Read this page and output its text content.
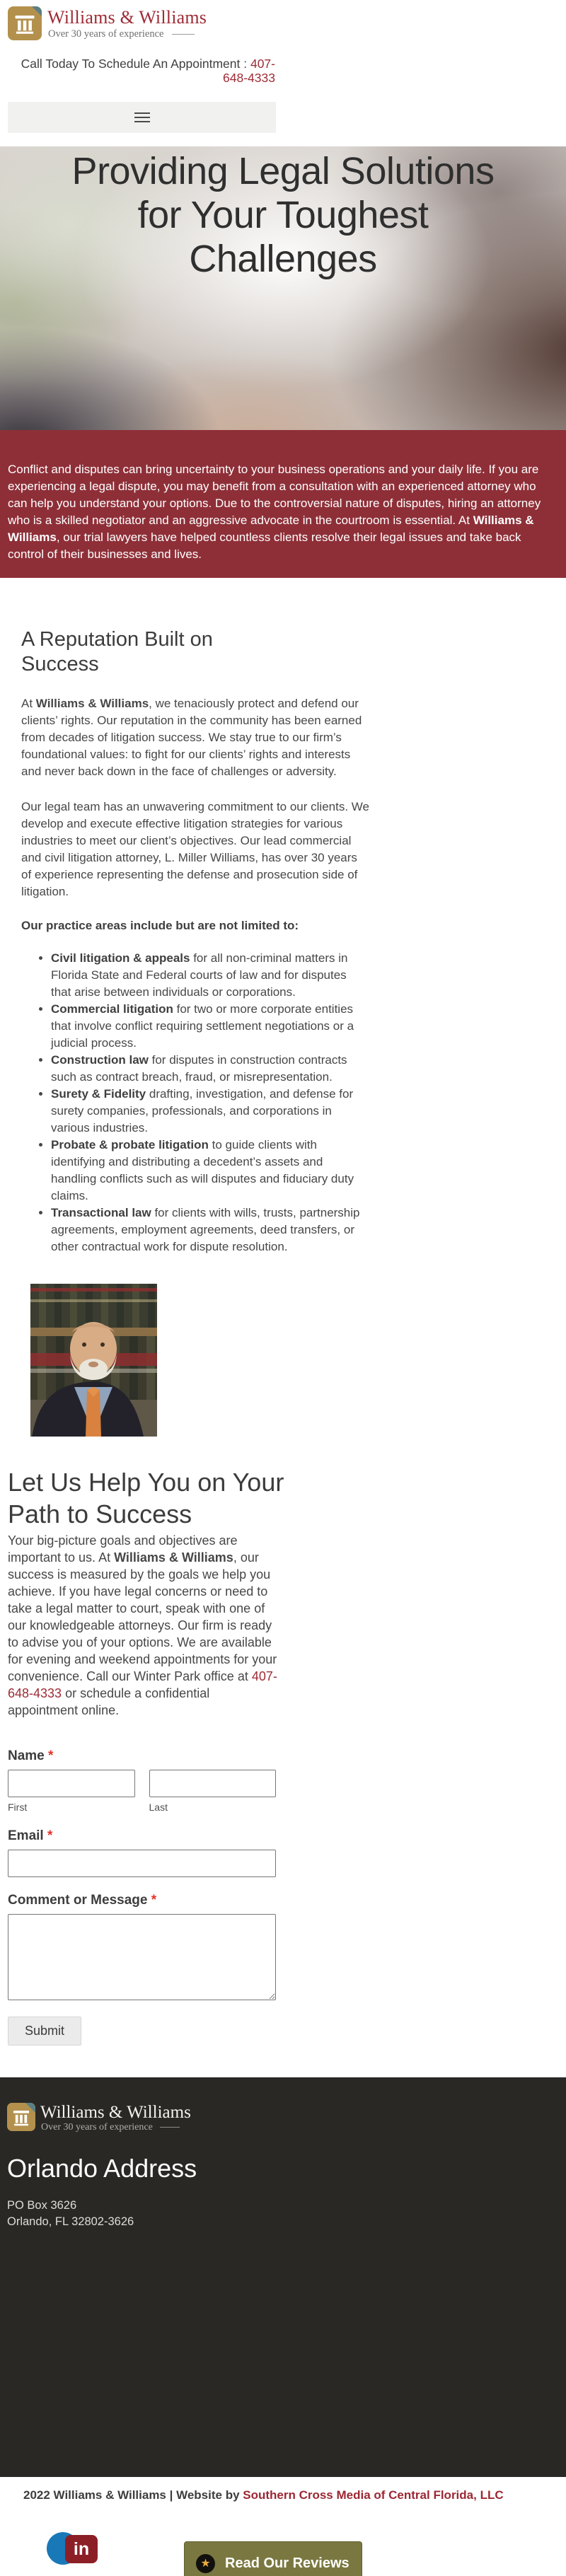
Williams & Williams
Over 30 years of experience
Call Today To Schedule An Appointment : 407-648-4333
Providing Legal Solutions
for Your Toughest
Challenges

Conflict and disputes can bring uncertainty to your business operations and your daily life. If you are experiencing a legal dispute, you may benefit from a consultation with an experienced attorney who can help you understand your options. Due to the controversial nature of disputes, hiring an attorney who is a skilled negotiator and an aggressive advocate in the courtroom is essential. At Williams & Williams, our trial lawyers have helped countless clients resolve their legal issues and take back control of their businesses and lives.

A Reputation Built on Success

At Williams & Williams, we tenaciously protect and defend our clients’ rights. Our reputation in the community has been earned from decades of litigation success. We stay true to our firm’s foundational values: to fight for our clients’ rights and interests and never back down in the face of challenges or adversity.

Our legal team has an unwavering commitment to our clients. We develop and execute effective litigation strategies for various industries to meet our client’s objectives. Our lead commercial and civil litigation attorney, L. Miller Williams, has over 30 years of experience representing the defense and prosecution side of litigation.

Our practice areas include but are not limited to:
• Civil litigation & appeals for all non-criminal matters in Florida State and Federal courts of law and for disputes that arise between individuals or corporations.
• Commercial litigation for two or more corporate entities that involve conflict requiring settlement negotiations or a judicial process.
• Construction law for disputes in construction contracts such as contract breach, fraud, or misrepresentation.
• Surety & Fidelity drafting, investigation, and defense for surety companies, professionals, and corporations in various industries.
• Probate & probate litigation to guide clients with identifying and distributing a decedent’s assets and handling conflicts such as will disputes and fiduciary duty claims.
• Transactional law for clients with wills, trusts, partnership agreements, employment agreements, deed transfers, or other contractual work for dispute resolution.
Let Us Help You on Your Path to Success

Your big-picture goals and objectives are important to us. At Williams & Williams, our success is measured by the goals we help you achieve. If you have legal concerns or need to take a legal matter to court, speak with one of our knowledgeable attorneys. Our firm is ready to advise you of your options. We are available for evening and weekend appointments for your convenience. Call our Winter Park office at 407-648-4333 or schedule a confidential appointment online.

Name *
First	Last
Email *
Comment or Message *
Submit
Williams & Williams
Over 30 years of experience
Orlando Address
PO Box 3626
Orlando, FL 32802-3626
2022 Williams & Williams | Website by Southern Cross Media of Central Florida, LLC
in
★	Read Our Reviews
